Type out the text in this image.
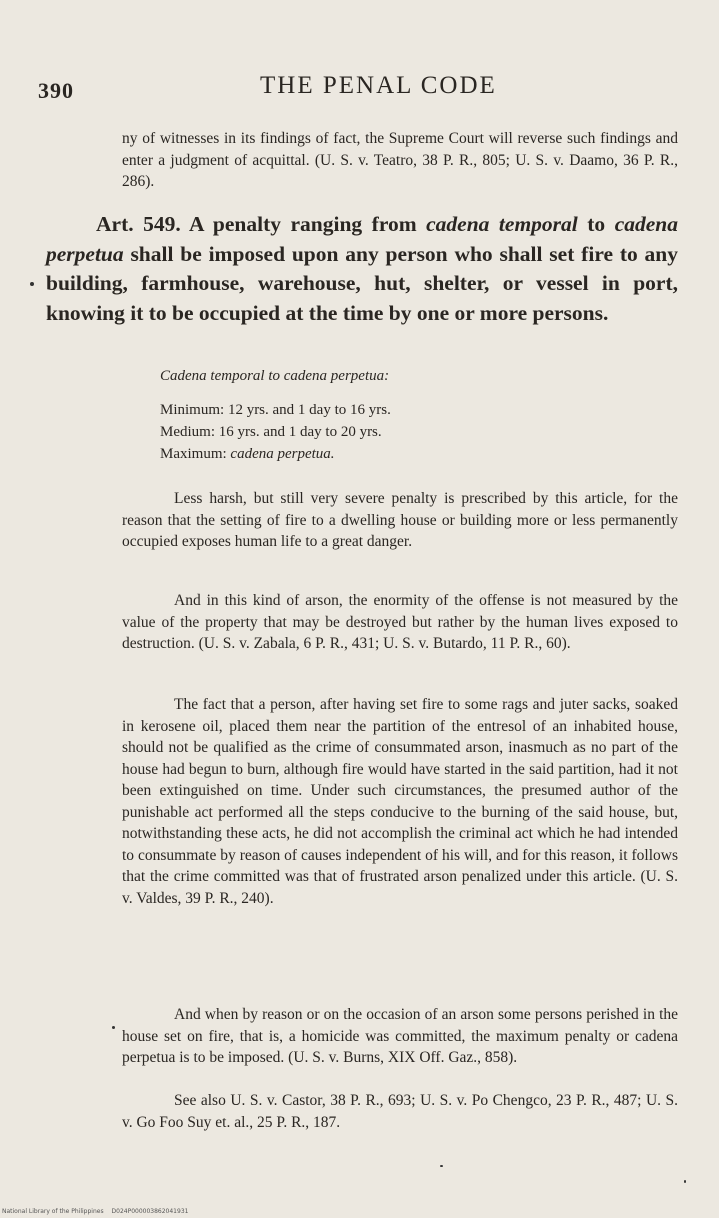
390	THE PENAL CODE
ny of witnesses in its findings of fact, the Supreme Court will reverse such findings and enter a judgment of acquittal. (U. S. v. Teatro, 38 P. R., 805; U. S. v. Daamo, 36 P. R., 286).
Art. 549. A penalty ranging from cadena temporal to cadena perpetua shall be imposed upon any person who shall set fire to any building, farmhouse, warehouse, hut, shelter, or vessel in port, knowing it to be occupied at the time by one or more persons.
Cadena temporal to cadena perpetua:
Minimum: 12 yrs. and 1 day to 16 yrs.
Medium: 16 yrs. and 1 day to 20 yrs.
Maximum: cadena perpetua.
Less harsh, but still very severe penalty is prescribed by this article, for the reason that the setting of fire to a dwelling house or building more or less permanently occupied exposes human life to a great danger.
And in this kind of arson, the enormity of the offense is not measured by the value of the property that may be destroyed but rather by the human lives exposed to destruction. (U. S. v. Zabala, 6 P. R., 431; U. S. v. Butardo, 11 P. R., 60).
The fact that a person, after having set fire to some rags and juter sacks, soaked in kerosene oil, placed them near the partition of the entresol of an inhabited house, should not be qualified as the crime of consummated arson, inasmuch as no part of the house had begun to burn, although fire would have started in the said partition, had it not been extinguished on time. Under such circumstances, the presumed author of the punishable act performed all the steps conducive to the burning of the said house, but, notwithstanding these acts, he did not accomplish the criminal act which he had intended to consummate by reason of causes independent of his will, and for this reason, it follows that the crime committed was that of frustrated arson penalized under this article. (U. S. v. Valdes, 39 P. R., 240).
And when by reason or on the occasion of an arson some persons perished in the house set on fire, that is, a homicide was committed, the maximum penalty or cadena perpetua is to be imposed. (U. S. v. Burns, XIX Off. Gaz., 858).
See also U. S. v. Castor, 38 P. R., 693; U. S. v. Po Chengco, 23 P. R., 487; U. S. v. Go Foo Suy et. al., 25 P. R., 187.
National Library of the Philippines D024P000003862041931
